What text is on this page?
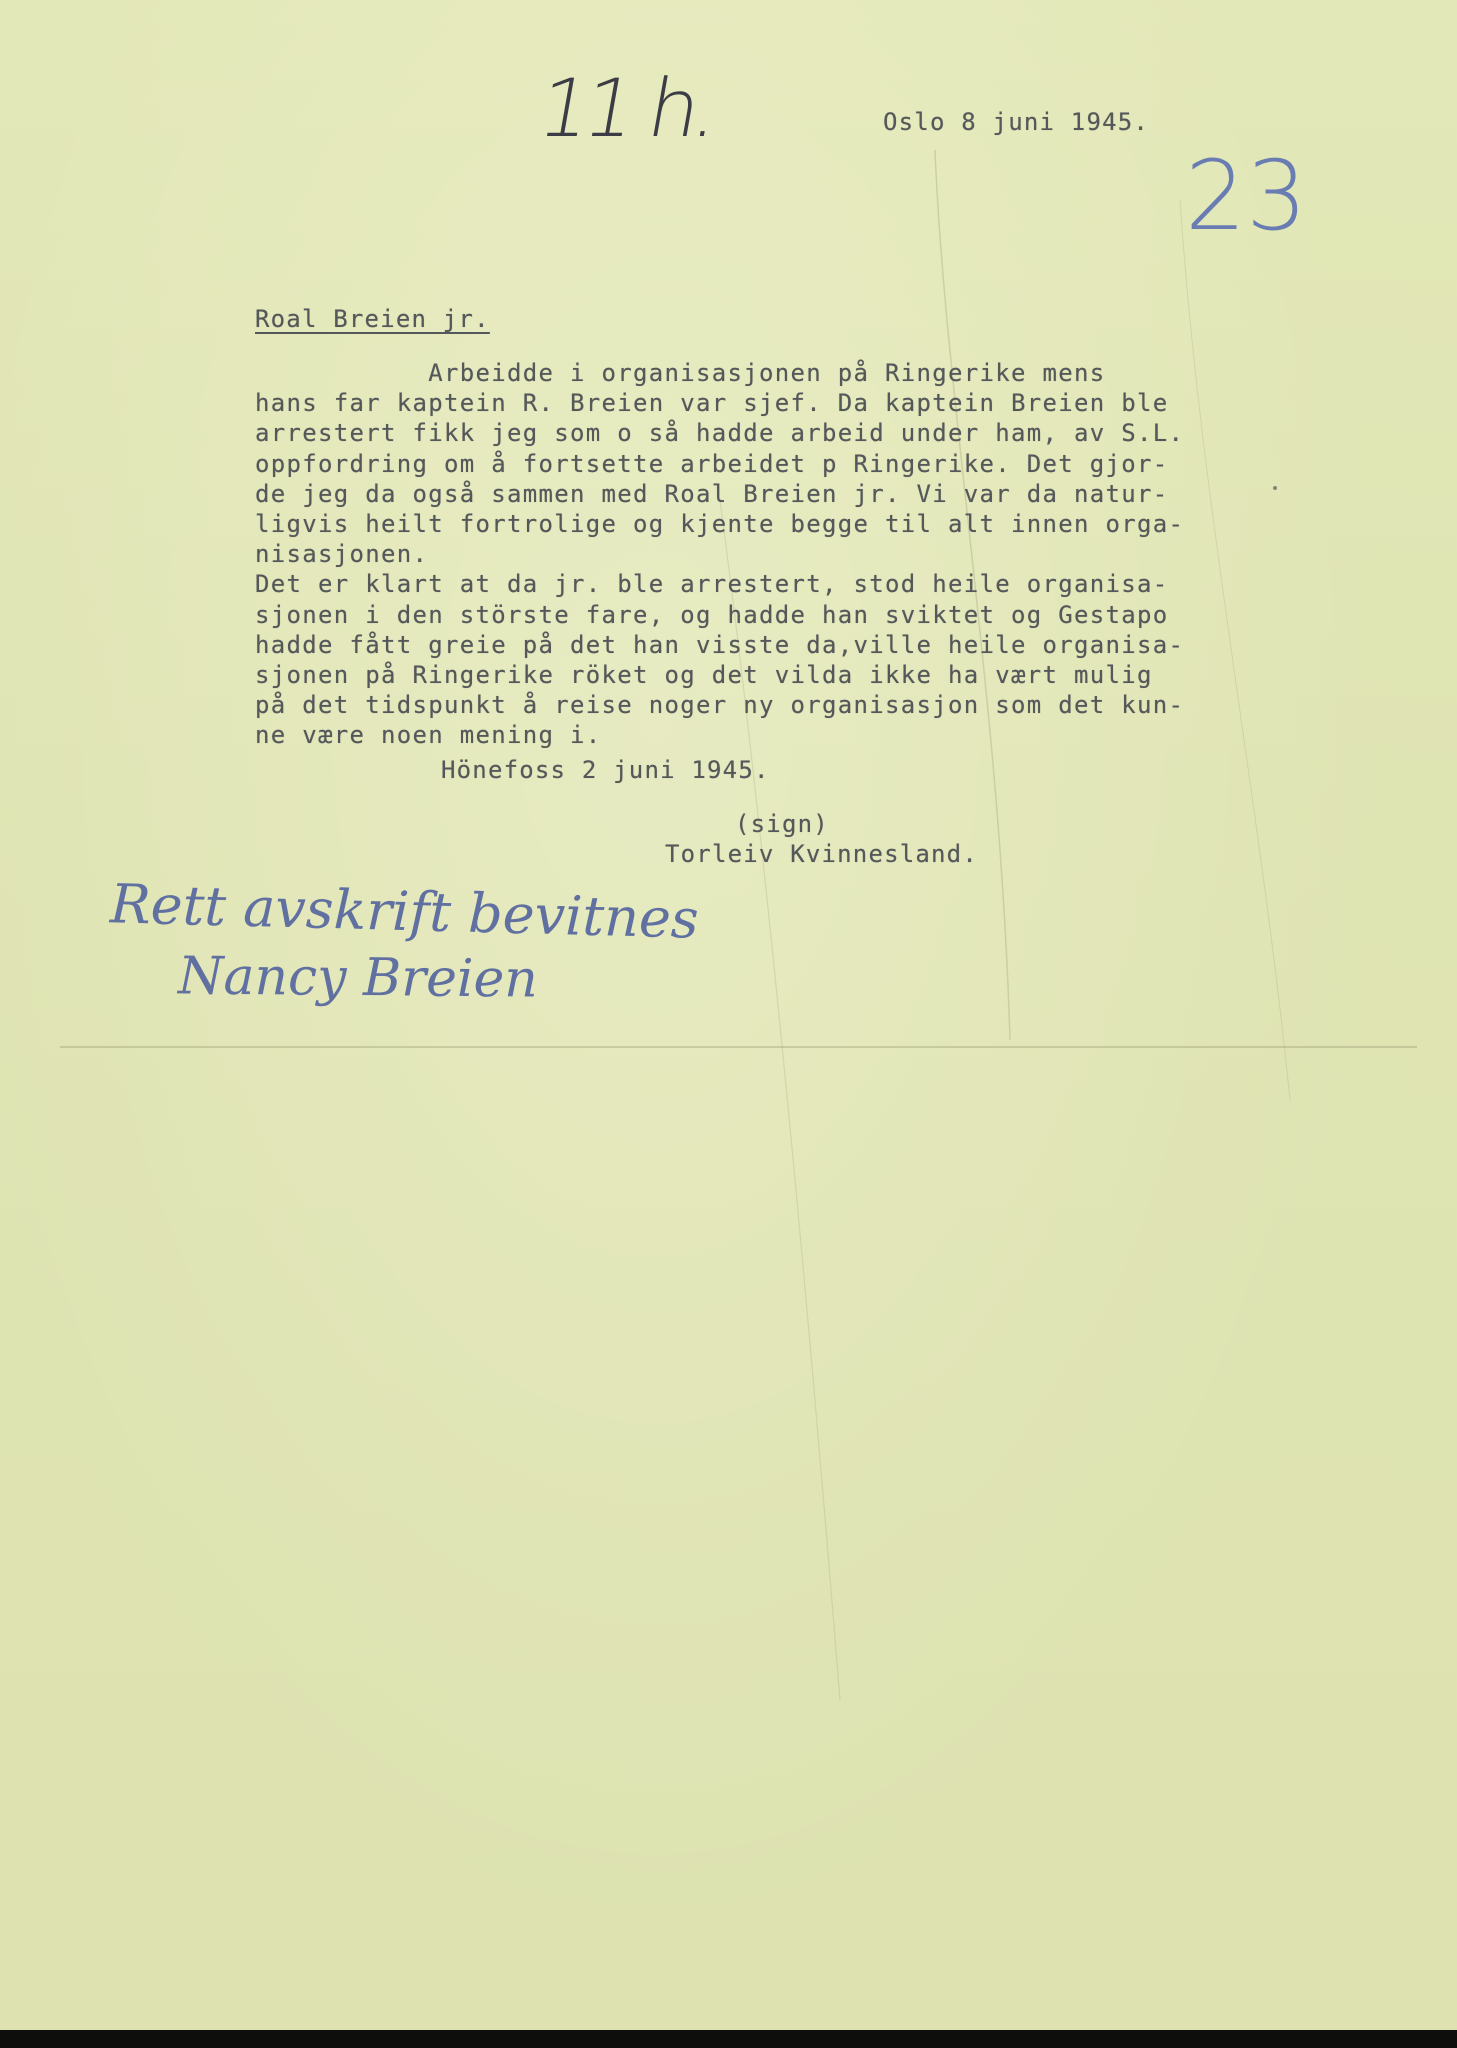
11 h.	Oslo 8 juni 1945.
23
Roal Breien jr.
Arbeidde i organisasjonen på Ringerike mens
hans far kaptein R. Breien var sjef. Da kaptein Breien ble
arrestert fikk jeg som o så hadde arbeid under ham, av S.L.
oppfordring om å fortsette arbeidet p Ringerike. Det gjor-
de jeg da også sammen med Roal Breien jr. Vi var da natur-
ligvis heilt fortrolige og kjente begge til alt innen orga-
nisasjonen.
Det er klart at da jr. ble arrestert, stod heile organisa-
sjonen i den störste fare, og hadde han sviktet og Gestapo
hadde fått greie på det han visste da,ville heile organisa-
sjonen på Ringerike röket og det vilda ikke ha vært mulig
på det tidspunkt å reise noger ny organisasjon som det kun-
ne være noen mening i.
Hönefoss 2 juni 1945.
(sign)
Torleiv Kvinnesland.
Rett avskrift bevitnes
Nancy Breien
